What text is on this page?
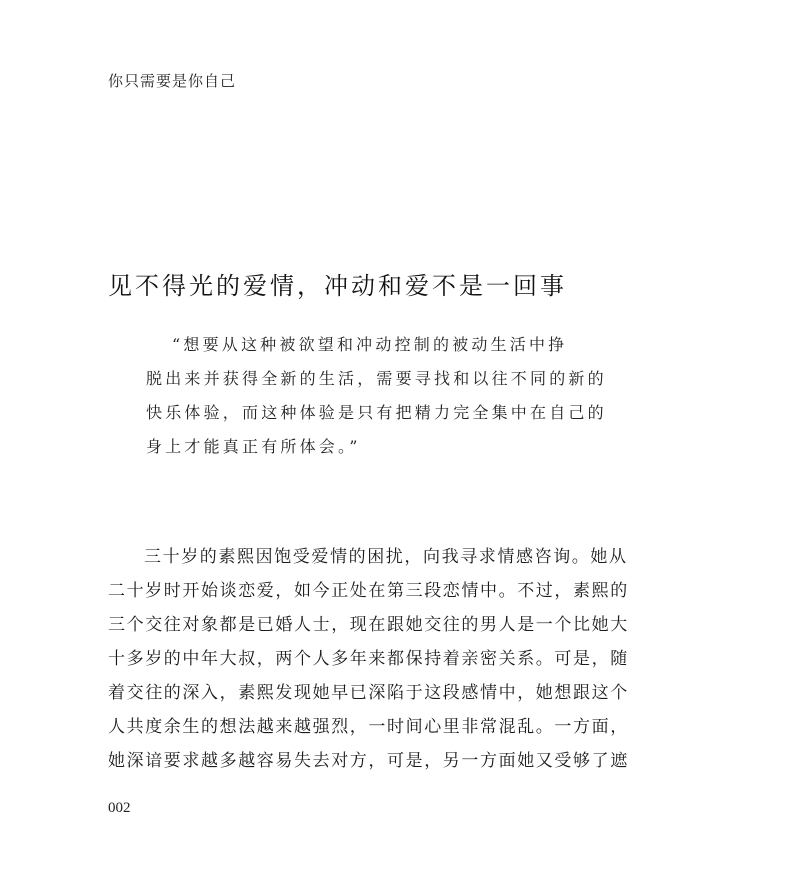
你只需要是你自己
见不得光的爱情，冲动和爱不是一回事
“想要从这种被欲望和冲动控制的被动生活中挣
脱出来并获得全新的生活，需要寻找和以往不同的新的
快乐体验，而这种体验是只有把精力完全集中在自己的
身上才能真正有所体会。”
三十岁的素熙因饱受爱情的困扰，向我寻求情感咨询。她从
二十岁时开始谈恋爱，如今正处在第三段恋情中。不过，素熙的
三个交往对象都是已婚人士，现在跟她交往的男人是一个比她大
十多岁的中年大叔，两个人多年来都保持着亲密关系。可是，随
着交往的深入，素熙发现她早已深陷于这段感情中，她想跟这个
人共度余生的想法越来越强烈，一时间心里非常混乱。一方面，
她深谙要求越多越容易失去对方，可是，另一方面她又受够了遮
002
